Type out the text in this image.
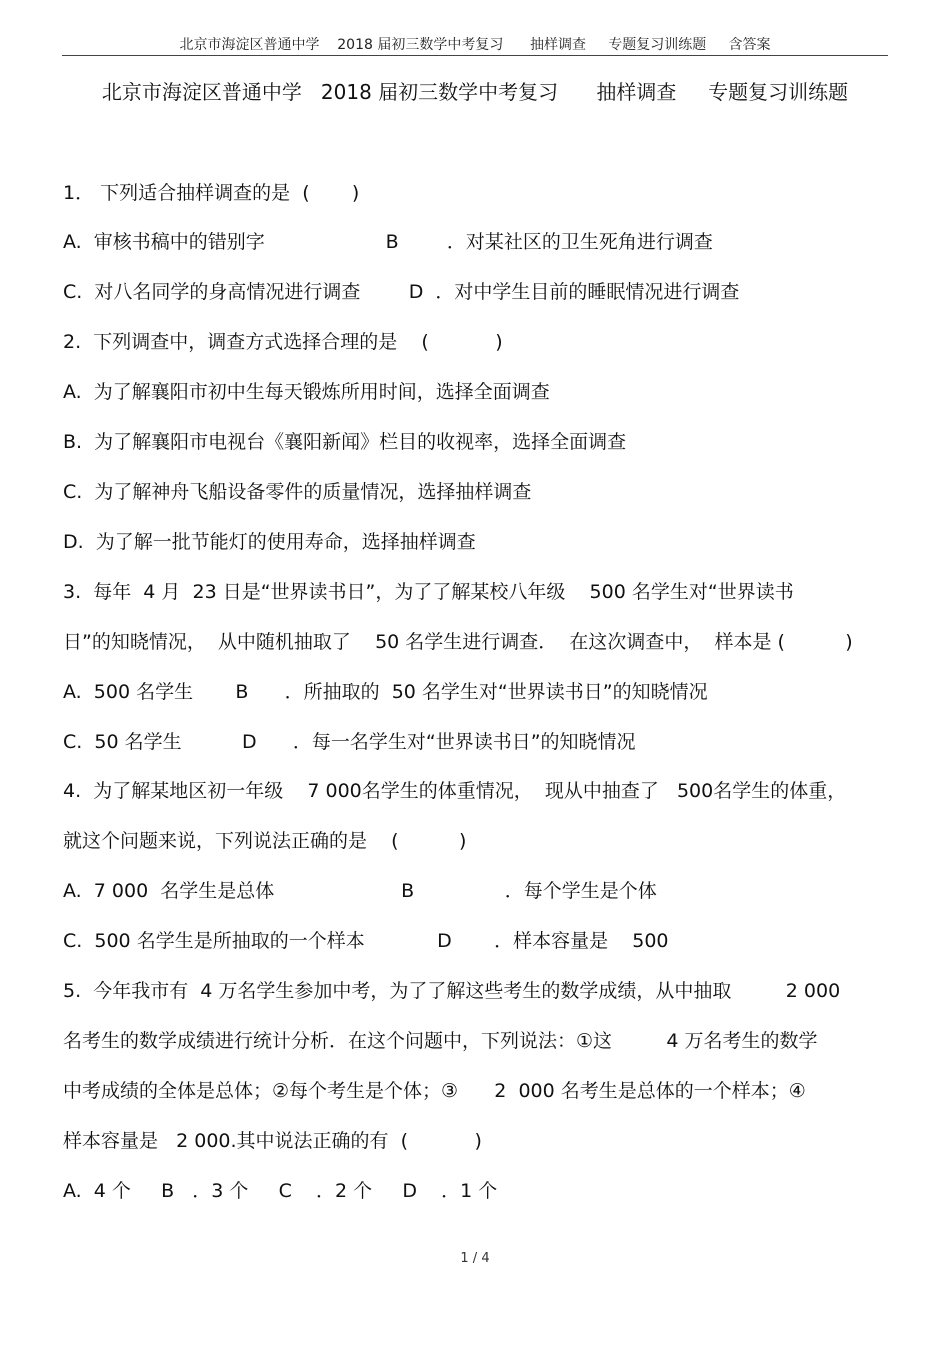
北京市海淀区普通中学    2018 届初三数学中考复习      抽样调查     专题复习训练题     含答案
北京市海淀区普通中学   2018 届初三数学中考复习      抽样调查     专题复习训练题
1． 下列适合抽样调查的是  (       )
A.  审核书稿中的错别字                    B        ．对某社区的卫生死角进行调查
C.  对八名同学的身高情况进行调查        D  ．对中学生目前的睡眠情况进行调查
2.  下列调查中，调查方式选择合理的是    (           )
A.  为了解襄阳市初中生每天锻炼所用时间，选择全面调查
B.  为了解襄阳市电视台《襄阳新闻》栏目的收视率，选择全面调查
C.  为了解神舟飞船设备零件的质量情况，选择抽样调查
D.  为了解一批节能灯的使用寿命，选择抽样调查
3.  每年  4 月  23 日是“世界读书日”，为了了解某校八年级    500 名学生对“世界读书
日”的知晓情况，  从中随机抽取了    50 名学生进行调查．  在这次调查中，  样本是 (          )
A.  500 名学生       B      ．所抽取的  50 名学生对“世界读书日”的知晓情况
C.  50 名学生          D      ．每一名学生对“世界读书日”的知晓情况
4.  为了解某地区初一年级    7 000名学生的体重情况，  现从中抽查了   500名学生的体重，
就这个问题来说，下列说法正确的是    (          )
A.  7 000  名学生是总体                     B               ．每个学生是个体
C.  500 名学生是所抽取的一个样本            D       ．样本容量是    500
5.  今年我市有  4 万名学生参加中考，为了了解这些考生的数学成绩，从中抽取         2 000
名考生的数学成绩进行统计分析．在这个问题中，下列说法：①这         4 万名考生的数学
中考成绩的全体是总体；②每个考生是个体；③      2  000 名考生是总体的一个样本；④
样本容量是   2 000.其中说法正确的有  (           )
A.  4 个     B   ．3 个     C    ．2 个     D    ．1 个
1 / 4
